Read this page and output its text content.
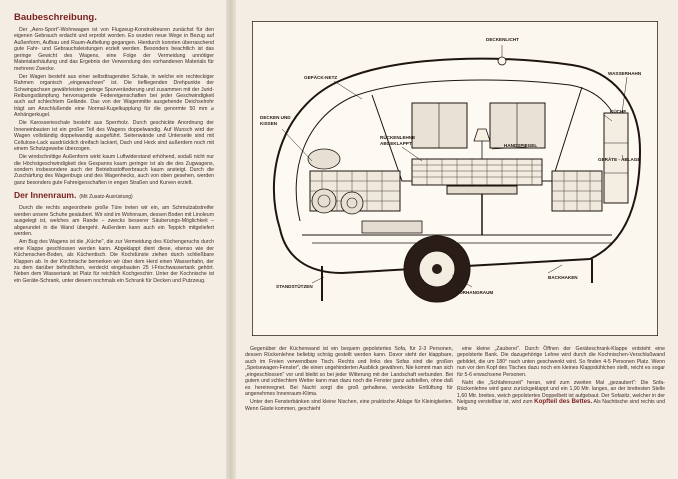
Baubeschreibung.

Der „Aero-Sport"-Wohnwagen ist von Flugzeug-Konstrukteuren zunächst für den eigenen Gebrauch erdacht und erprobt worden. Es wurden neue Wege in Bezug auf Außenform, Aufbau und Raum-Aufteilung gegangen. Hierdurch konnten überraschend gute Fahr- und Gebrauchsleistungen erzielt werden. Besonders beachtlich ist das geringe Gewicht des Wagens, eine Folge der Vermeidung unnötiger Materialanhäufung und das Ergebnis der Verwendung des vorhandenen Materials für mehrerei Zwecke.

Der Wagen besteht aus einer selbsttragenden Schale, in welche ein rechteckiger Rahmen organisch „eingewachsen" ist. Die tiefliegenden Drehpunkte der Schwingachsen gewährleisten geringe Spurveränderung und zusammen mit der Jurid-Reibungsdämpfung hervorragende Federeigenschaften bei jeder Geschwindigkeit auch auf schlechtem Gelände. Das von der Wagenmitte ausgehende Deichselrohr trägt am Anschlußende eine Normal-Kugelkupplung für die genormte 50 mm ⌀ Anhängerkugel.

Die Karosserieschale besteht aus Sperrholz. Durch geschickte Anordnung der Inneneinbauten ist ein großer Teil des Wagens doppelwandig. Auf Wunsch wird der Wagen vollständig doppelwandig ausgeführt. Seitenwände und Unterseite sind mit Cellulose-Lack ausdrücklich dreifach lackiert, Dach und Heck sind außerdem noch mit einem Schutzgewebe überzogen.

Die windschnittige Außenform wirkt kaum Luftwiderstand erhöhend, sodaß nicht nur die Höchstgeschwindigkeit des Gespanns kaum geringer ist als die des Zugwagens, sondern insbesondere auch der Betriebsstoffverbrauch kaum ansteigt. Durch die Zuschärfung des Wagenbugs und des Wagenhecks, auch von oben gesehen, werden ganz besonders gute Fahreigenschaften in engen Straßen und Kurven erzielt.

Der Innenraum. (Mit Zusatz-Ausrüstung)

Durch die rechts angeordnete große Türe treten wir ein, am Schmutzabstreifer werden unsere Schuhe gesäubert. Wir sind im Wohnraum, dessen Boden mit Linoleum ausgelegt ist, welches am Rande – zwecks besserer Säuberungs-Möglichkeit – abgerundet in die Wand übergeht. Außerdem kann auch ein Teppich mitgeliefert werden.

Am Bug des Wagens ist die „Küche", die zur Vermeidung des Küchengeruchs durch eine Klappe geschlossen werden kann. Abgeklappt dient diese, ebenso wie der Küchenschen-Boden, als Küchentisch. Die Kochdünste ziehen durch schließbare Klappen ab. In der Kochnische bemerken wir über dem Herd einen Wasserhahn, der zu dem darüber befindlichen, verdeckt eingebauten 25 l-Frischwassertank gehört. Neben dem Wassertank ist Platz für reichlich Kochgeschirr. Unter der Kochnische ist ein Geräte-Schrank, unter diesem nochmals ein Schrank für Decken und Putzzeug.

DECKENLICHT
GEPÄCK-NETZ
WASSERHAHN
KÜCHE
DECKEN UND
KISSEN
RÜCKENLEHNE
ABGEKLAPPT	HANDSPIEGEL
GERÄTE - ABLAGE
STANDSTÜTZEN
VORHANGRAUM
BACKHAKEN

Gegenüber der Küchenwand ist ein bequem gepolstertes Sofa, für 2-3 Personen, dessen Rückenlehne beliebig schräg gestellt werden kann. Davor steht der klappbare, auch im Freien verwendbare Tisch. Rechts und links des Sofas sind die großen „Speisewagen-Fenster", die einen ungehinderten Ausblick gewähren. Nie kommt man sich „eingeschlossen" vor und bleibt so bei jeder Witterung mit der Landschaft verbunden. Bei gutem und schlechtem Wetter kann man dazu noch die Fenster ganz aufstellen, ohne daß es hereinregnet. Bei Nacht sorgt die groß gehaltene, verdeckte Entlüftung für angenehmes Innenraum-Klima.

Unter den Fensterbänken sind kleine Nischen, eine praktische Ablage für Kleinigkeiten. Wenn Gäste kommen, geschieht

eine kleine „Zauberei". Durch Öffnen der Geräteschrank-Klappe entsteht eine gepolsterte Bank. Die dazugehörige Lehne wird durch die Kochnischen-Verschlußwand gebildet, die um 180° nach unten geschwenkt wird. So finden 4-5 Personen Platz. Wenn nun vor den Kopf des Tisches dazu noch ein kleines Klappstühlchen stellt, reicht es sogar für 5-6 erwachsene Personen.

Naht die „Schlafenszeit" heran, wird zum zweiten Mal „gezaubert": Die Sofa-Rückenlehne wird ganz zurückgeklappt und ein 1,90 Mtr. langes, an der breitesten Stelle 1,60 Mtr. breites, weich gepolstertes Doppelbett ist aufgebaut. Der Sofasitz, welcher in der Neigung verstellbar ist, wird zum Kopfteil des Bettes. Als Nachtische sind rechts und links
